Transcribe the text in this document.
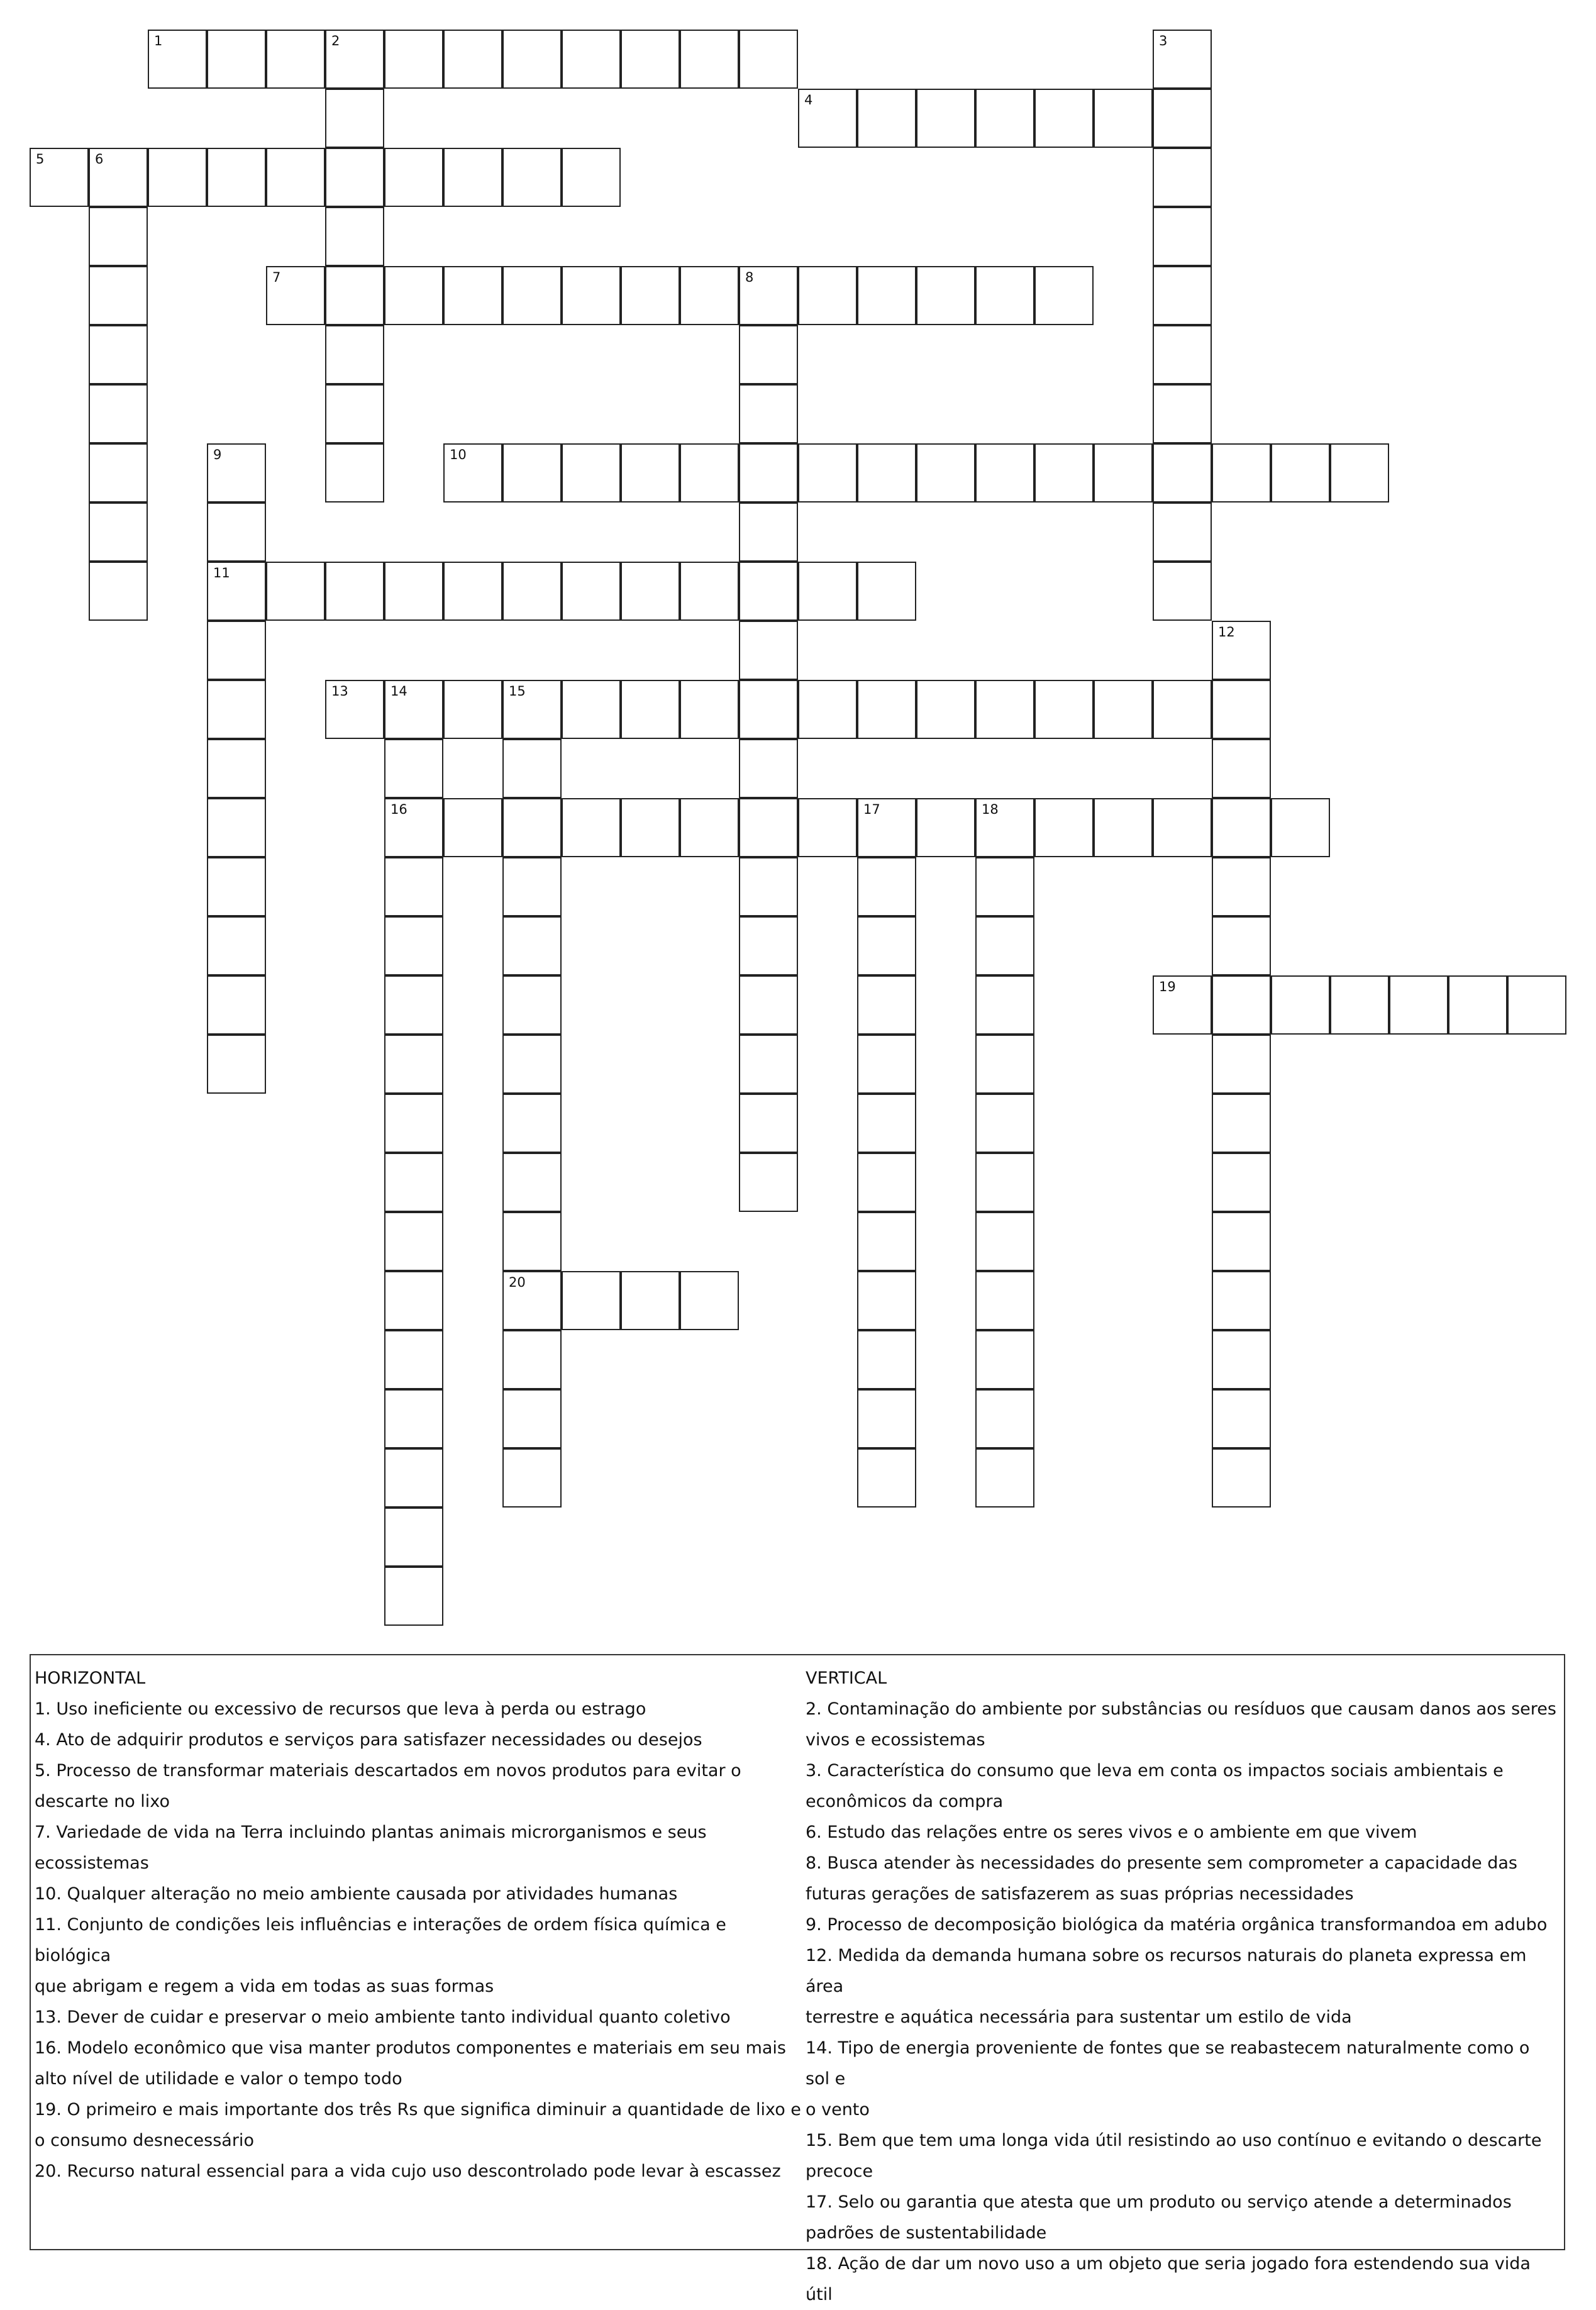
1	2	3
4
5	6
7	8
9
11
10
12
13	14	15
16
20
17	18
19

HORIZONTAL

1. Uso ineficiente ou excessivo de recursos que leva à perda ou estrago

4. Ato de adquirir produtos e serviços para satisfazer necessidades ou desejos

5. Processo de transformar materiais descartados em novos produtos para evitar o

descarte no lixo

7. Variedade de vida na Terra incluindo plantas animais microrganismos e seus

ecossistemas

10. Qualquer alteração no meio ambiente causada por atividades humanas

11. Conjunto de condições leis influências e interações de ordem física química e biológica

que abrigam e regem a vida em todas as suas formas

13. Dever de cuidar e preservar o meio ambiente tanto individual quanto coletivo

16. Modelo econômico que visa manter produtos componentes e materiais em seu mais

alto nível de utilidade e valor o tempo todo

19. O primeiro e mais importante dos três Rs que significa diminuir a quantidade de lixo e

o consumo desnecessário

20. Recurso natural essencial para a vida cujo uso descontrolado pode levar à escassez

VERTICAL

2. Contaminação do ambiente por substâncias ou resíduos que causam danos aos seres

vivos e ecossistemas

3. Característica do consumo que leva em conta os impactos sociais ambientais e

econômicos da compra

6. Estudo das relações entre os seres vivos e o ambiente em que vivem

8. Busca atender às necessidades do presente sem comprometer a capacidade das

futuras gerações de satisfazerem as suas próprias necessidades

9. Processo de decomposição biológica da matéria orgânica transformandoa em adubo

12. Medida da demanda humana sobre os recursos naturais do planeta expressa em área

terrestre e aquática necessária para sustentar um estilo de vida

14. Tipo de energia proveniente de fontes que se reabastecem naturalmente como o sol e

o vento

15. Bem que tem uma longa vida útil resistindo ao uso contínuo e evitando o descarte

precoce

17. Selo ou garantia que atesta que um produto ou serviço atende a determinados

padrões de sustentabilidade

18. Ação de dar um novo uso a um objeto que seria jogado fora estendendo sua vida útil
